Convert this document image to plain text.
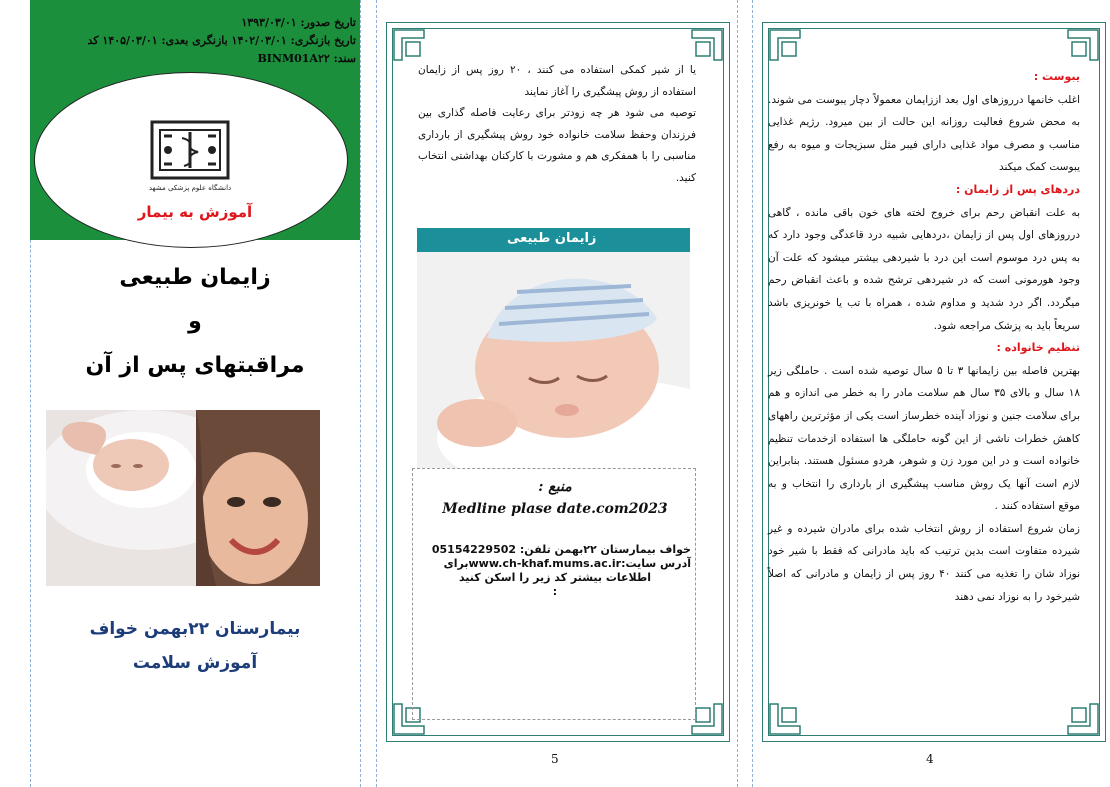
تاریخ صدور: ۱۳۹۳/۰۳/۰۱
تاریخ بازنگری: ۱۴۰۲/۰۳/۰۱ بازنگری بعدی: ۱۴۰۵/۰۳/۰۱ کد
سند: BINM01A۲۲
دانشگاه علوم پزشکی مشهد
آموزش به بیمار
زایمان طبیعی
و
مراقبتهای پس از آن
بیمارستان ۲۲بهمن خواف
آموزش سلامت

یا از شیر کمکی استفاده می کنند ، ۲۰ روز پس از زایمان استفاده از روش پیشگیری را آغاز نمایند

توصیه می شود هر چه زودتر برای رعایت فاصله گذاری بین فرزندان وحفظ سلامت خانواده خود روش پیشگیری از بارداری مناسبی را با همفکری هم و مشورت با کارکنان بهداشتی انتخاب کنید.

زایمان طبیعی
منبع :
Medline plase date.com2023
خواف بیمارستان ۲۲بهمن تلفن: 05154229502
آدرس سایت:www.ch-khaf.mums.ac.irبرای
اطلاعات بیشتر کد زیر را اسکن کنید
:
5

یبوست :

اغلب خانمها درروزهای اول بعد اززایمان معمولاً دچار یبوست می شوند. به محض شروع فعالیت روزانه این حالت از بین میرود. رژیم غذایی مناسب و مصرف مواد غذایی دارای فیبر مثل سبزیجات و میوه به رفع یبوست کمک میکند

دردهای پس از زایمان :

به علت انقباض رحم برای خروج لخته های خون باقی مانده ، گاهی درروزهای اول پس از زایمان ،دردهایی شبیه درد قاعدگی وجود دارد که به پس درد موسوم است این درد با شیردهی بیشتر میشود که علت آن وجود هورمونی است که در شیردهی ترشح شده و باعث انقباض رحم میگردد. اگر درد شدید و مداوم شده ، همراه با تب یا خونریزی باشد سریعاً باید به پزشک مراجعه شود.

تنظیم خانواده :

بهترین فاصله بین زایمانها ۳ تا ۵ سال توصیه شده است . حاملگی زیر ۱۸ سال و بالای ۳۵ سال هم سلامت مادر را به خطر می اندازه و هم برای سلامت جنین و نوزاد آینده خطرساز است یکی از مؤثرترین راههای کاهش خطرات ناشی از این گونه حاملگی ها استفاده ازخدمات تنظیم خانواده است و در این مورد زن و شوهر، هردو مسئول هستند. بنابراین لازم است آنها یک روش مناسب پیشگیری از بارداری را انتخاب و به موقع استفاده کنند .

زمان شروع استفاده از روش انتخاب شده برای مادران شیرده و غیر شیرده متفاوت است بدین ترتیب که باید مادرانی که فقط با شیر خود نوزاد شان را تغذیه می کنند ۴۰ روز پس از زایمان و مادرانی که اصلاً شیرخود را به نوزاد نمی دهند

4
